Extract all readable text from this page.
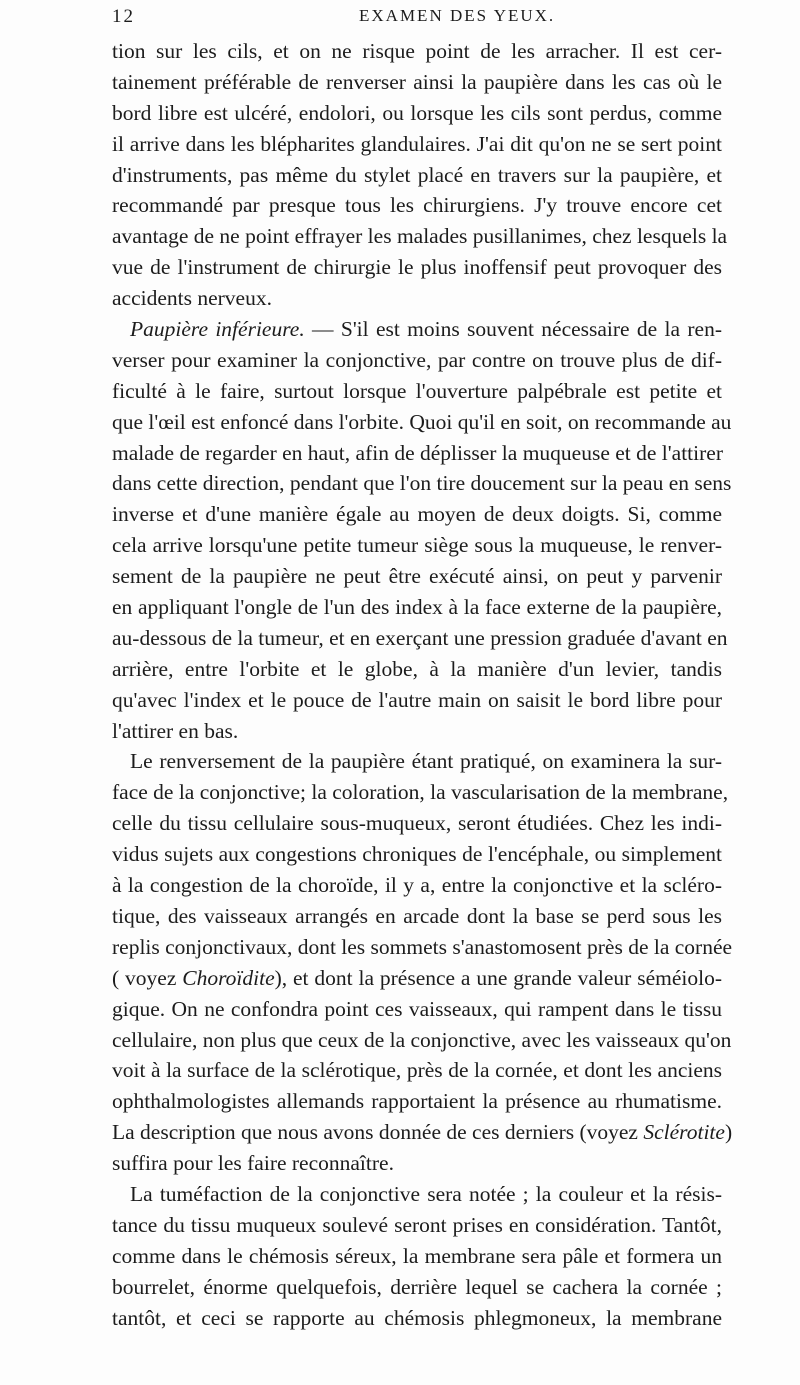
12	EXAMEN DES YEUX.
tion sur les cils, et on ne risque point de les arracher. Il est cer-
tainement préférable de renverser ainsi la paupière dans les cas où le
bord libre est ulcéré, endolori, ou lorsque les cils sont perdus, comme
il arrive dans les blépharites glandulaires. J'ai dit qu'on ne se sert point
d'instruments, pas même du stylet placé en travers sur la paupière, et
recommandé par presque tous les chirurgiens. J'y trouve encore cet
avantage de ne point effrayer les malades pusillanimes, chez lesquels la
vue de l'instrument de chirurgie le plus inoffensif peut provoquer des
accidents nerveux.
Paupière inférieure. — S'il est moins souvent nécessaire de la ren-
verser pour examiner la conjonctive, par contre on trouve plus de dif-
ficulté à le faire, surtout lorsque l'ouverture palpébrale est petite et
que l'œil est enfoncé dans l'orbite. Quoi qu'il en soit, on recommande au
malade de regarder en haut, afin de déplisser la muqueuse et de l'attirer
dans cette direction, pendant que l'on tire doucement sur la peau en sens
inverse et d'une manière égale au moyen de deux doigts. Si, comme
cela arrive lorsqu'une petite tumeur siège sous la muqueuse, le renver-
sement de la paupière ne peut être exécuté ainsi, on peut y parvenir
en appliquant l'ongle de l'un des index à la face externe de la paupière,
au-dessous de la tumeur, et en exerçant une pression graduée d'avant en
arrière, entre l'orbite et le globe, à la manière d'un levier, tandis
qu'avec l'index et le pouce de l'autre main on saisit le bord libre pour
l'attirer en bas.
Le renversement de la paupière étant pratiqué, on examinera la sur-
face de la conjonctive; la coloration, la vascularisation de la membrane,
celle du tissu cellulaire sous-muqueux, seront étudiées. Chez les indi-
vidus sujets aux congestions chroniques de l'encéphale, ou simplement
à la congestion de la choroïde, il y a, entre la conjonctive et la scléro-
tique, des vaisseaux arrangés en arcade dont la base se perd sous les
replis conjonctivaux, dont les sommets s'anastomosent près de la cornée
( voyez Choroïdite), et dont la présence a une grande valeur séméiolo-
gique. On ne confondra point ces vaisseaux, qui rampent dans le tissu
cellulaire, non plus que ceux de la conjonctive, avec les vaisseaux qu'on
voit à la surface de la sclérotique, près de la cornée, et dont les anciens
ophthalmologistes allemands rapportaient la présence au rhumatisme.
La description que nous avons donnée de ces derniers (voyez Sclérotite)
suffira pour les faire reconnaître.
La tuméfaction de la conjonctive sera notée ; la couleur et la résis-
tance du tissu muqueux soulevé seront prises en considération. Tantôt,
comme dans le chémosis séreux, la membrane sera pâle et formera un
bourrelet, énorme quelquefois, derrière lequel se cachera la cornée ;
tantôt, et ceci se rapporte au chémosis phlegmoneux, la membrane
